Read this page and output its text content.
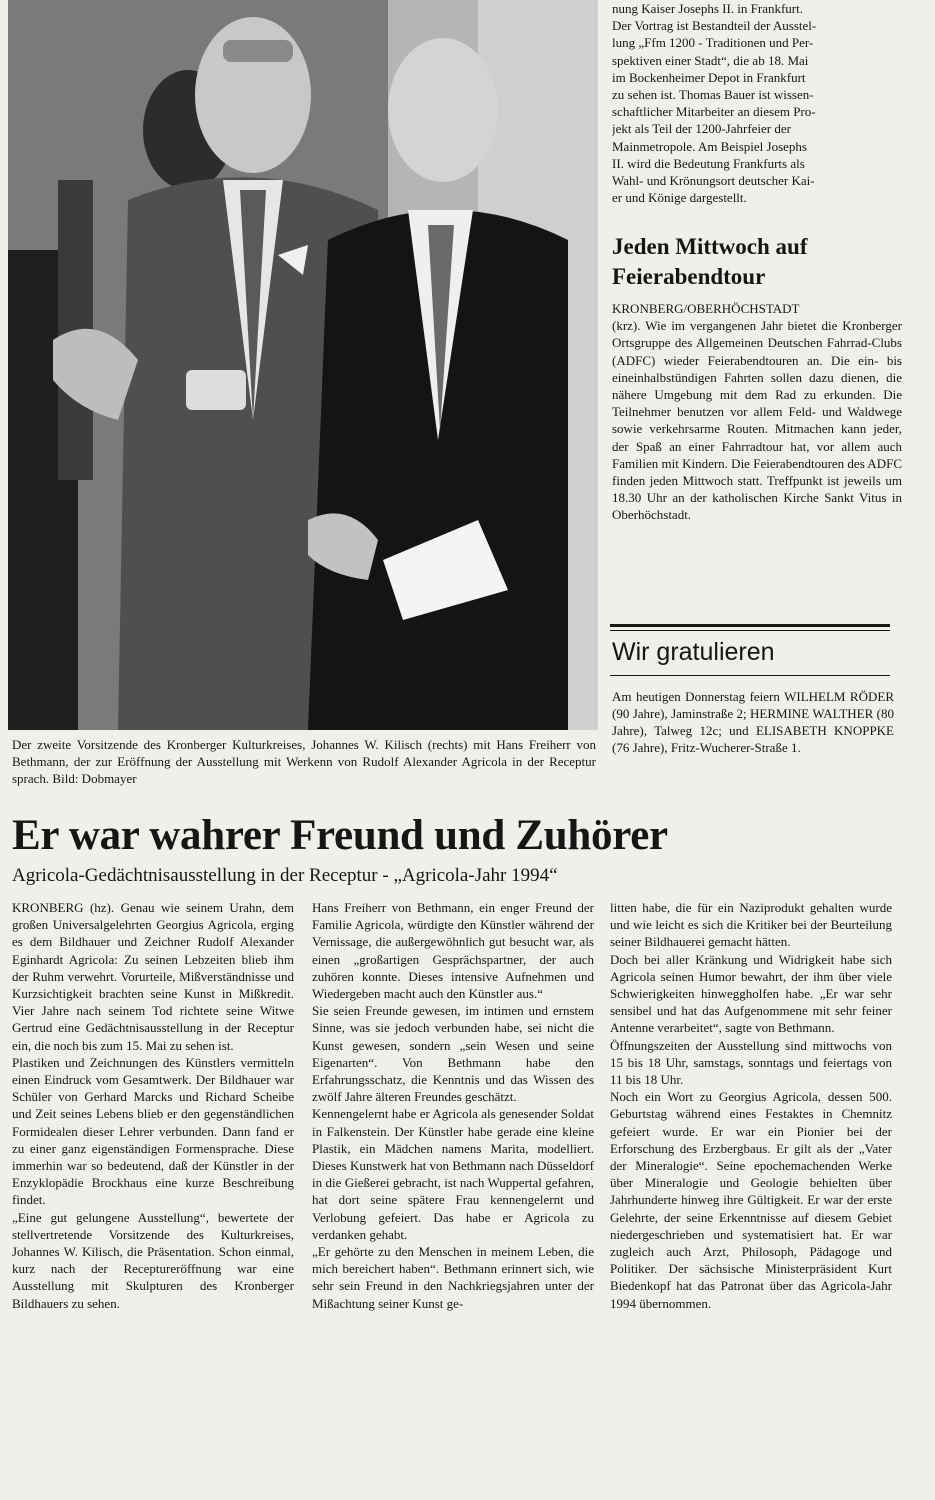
Der zweite Vorsitzende des Kronberger Kulturkreises, Johannes W. Kilisch (rechts) mit Hans Freiherr von Bethmann, der zur Eröffnung der Ausstellung mit Werkenn von Rudolf Alexander Agricola in der Receptur sprach. Bild: Dobmayer
nung Kaiser Josephs II. in Frankfurt.
Der Vortrag ist Bestandteil der Ausstel-
lung „Ffm 1200 - Traditionen und Per-
spektiven einer Stadt“, die ab 18. Mai
im Bockenheimer Depot in Frankfurt
zu sehen ist. Thomas Bauer ist wissen-
schaftlicher Mitarbeiter an diesem Pro-
jekt als Teil der 1200-Jahrfeier der
Mainmetropole. Am Beispiel Josephs
II. wird die Bedeutung Frankfurts als
Wahl- und Krönungsort deutscher Kai-
er und Könige dargestellt.
Jeden Mittwoch auf
Feierabendtour
KRONBERG/OBERHÖCHSTADT
(krz). Wie im vergangenen Jahr bietet die Kronberger Ortsgruppe des Allgemeinen Deutschen Fahrrad-Clubs (ADFC) wieder Feierabendtouren an. Die ein- bis eineinhalbstündigen Fahrten sollen dazu dienen, die nähere Umgebung mit dem Rad zu erkunden. Die Teilnehmer benutzen vor allem Feld- und Waldwege sowie verkehrsarme Routen. Mitmachen kann jeder, der Spaß an einer Fahrradtour hat, vor allem auch Familien mit Kindern. Die Feierabendtouren des ADFC finden jeden Mittwoch statt. Treffpunkt ist jeweils um 18.30 Uhr an der katholischen Kirche Sankt Vitus in Oberhöchstadt.
Wir gratulieren
Am heutigen Donnerstag feiern WILHELM RÖDER (90 Jahre), Jaminstraße 2; HERMINE WALTHER (80 Jahre), Talweg 12c; und ELISABETH KNOPPKE (76 Jahre), Fritz-Wucherer-Straße 1.
Er war wahrer Freund und Zuhörer
Agricola-Gedächtnisausstellung in der Receptur - „Agricola-Jahr 1994“

KRONBERG (hz). Genau wie seinem Urahn, dem großen Universalgelehrten Georgius Agricola, erging es dem Bildhauer und Zeichner Rudolf Alexander Eginhardt Agricola: Zu seinen Lebzeiten blieb ihm der Ruhm verwehrt. Vorurteile, Mißverständnisse und Kurzsichtigkeit brachten seine Kunst in Mißkredit. Vier Jahre nach seinem Tod richtete seine Witwe Gertrud eine Gedächtnisausstellung in der Receptur ein, die noch bis zum 15. Mai zu sehen ist.

Plastiken und Zeichnungen des Künstlers vermitteln einen Eindruck vom Gesamtwerk. Der Bildhauer war Schüler von Gerhard Marcks und Richard Scheibe und Zeit seines Lebens blieb er den gegenständlichen Formidealen dieser Lehrer verbunden. Dann fand er zu einer ganz eigenständigen Formensprache. Diese immerhin war so bedeutend, daß der Künstler in der Enzyklopädie Brockhaus eine kurze Beschreibung findet.

„Eine gut gelungene Ausstellung“, bewertete der stellvertretende Vorsitzende des Kulturkreises, Johannes W. Kilisch, die Präsentation. Schon einmal, kurz nach der Receptureröffnung war eine Ausstellung mit Skulpturen des Kronberger Bildhauers zu sehen.

Hans Freiherr von Bethmann, ein enger Freund der Familie Agricola, würdigte den Künstler während der Vernissage, die außergewöhnlich gut besucht war, als einen „großartigen Gesprächspartner, der auch zuhören konnte. Dieses intensive Aufnehmen und Wiedergeben macht auch den Künstler aus.“

Sie seien Freunde gewesen, im intimen und ernstem Sinne, was sie jedoch verbunden habe, sei nicht die Kunst gewesen, sondern „sein Wesen und seine Eigenarten“. Von Bethmann habe den Erfahrungsschatz, die Kenntnis und das Wissen des zwölf Jahre älteren Freundes geschätzt.

Kennengelernt habe er Agricola als genesender Soldat in Falkenstein. Der Künstler habe gerade eine kleine Plastik, ein Mädchen namens Marita, modelliert. Dieses Kunstwerk hat von Bethmann nach Düsseldorf in die Gießerei gebracht, ist nach Wuppertal gefahren, hat dort seine spätere Frau kennengelernt und Verlobung gefeiert. Das habe er Agricola zu verdanken gehabt.

„Er gehörte zu den Menschen in meinem Leben, die mich bereichert haben“. Bethmann erinnert sich, wie sehr sein Freund in den Nachkriegsjahren unter der Mißachtung seiner Kunst ge-

litten habe, die für ein Naziprodukt gehalten wurde und wie leicht es sich die Kritiker bei der Beurteilung seiner Bildhauerei gemacht hätten.

Doch bei aller Kränkung und Widrigkeit habe sich Agricola seinen Humor bewahrt, der ihm über viele Schwierigkeiten hinweggholfen habe. „Er war sehr sensibel und hat das Aufgenommene mit sehr feiner Antenne verarbeitet“, sagte von Bethmann.

Öffnungszeiten der Ausstellung sind mittwochs von 15 bis 18 Uhr, samstags, sonntags und feiertags von 11 bis 18 Uhr.

Noch ein Wort zu Georgius Agricola, dessen 500. Geburtstag während eines Festaktes in Chemnitz gefeiert wurde. Er war ein Pionier bei der Erforschung des Erzbergbaus. Er gilt als der „Vater der Mineralogie“. Seine epochemachenden Werke über Mineralogie und Geologie behielten über Jahrhunderte hinweg ihre Gültigkeit. Er war der erste Gelehrte, der seine Erkenntnisse auf diesem Gebiet niedergeschrieben und systematisiert hat. Er war zugleich auch Arzt, Philosoph, Pädagoge und Politiker. Der sächsische Ministerpräsident Kurt Biedenkopf hat das Patronat über das Agricola-Jahr 1994 übernommen.
